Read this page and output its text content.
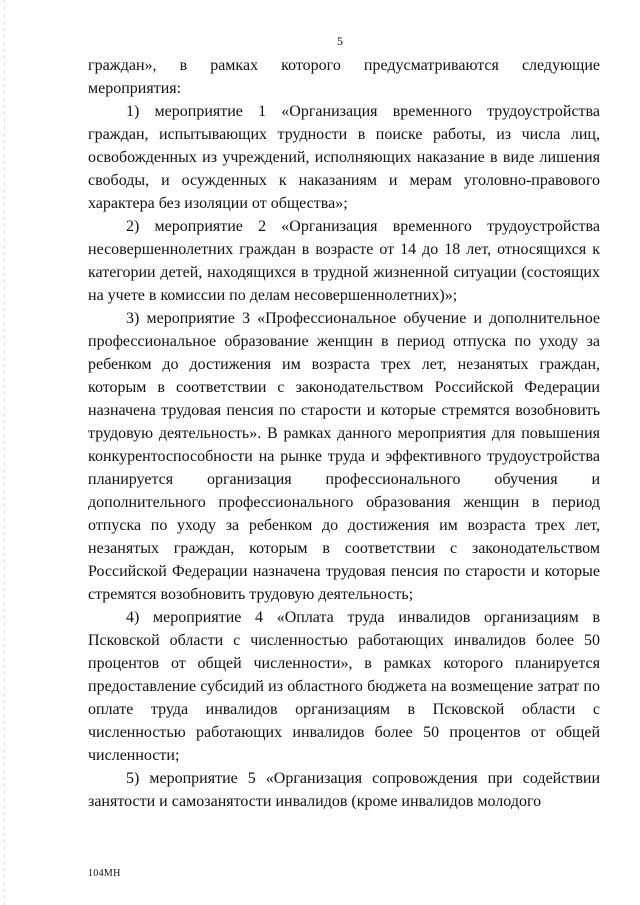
5

граждан», в рамках которого предусматриваются следующие мероприятия:

1) мероприятие 1 «Организация временного трудоустройства граждан, испытывающих трудности в поиске работы, из числа лиц, освобожденных из учреждений, исполняющих наказание в виде лишения свободы, и осужденных к наказаниям и мерам уголовно-правового характера без изоляции от общества»;

2) мероприятие 2 «Организация временного трудоустройства несовершеннолетних граждан в возрасте от 14 до 18 лет, относящихся к категории детей, находящихся в трудной жизненной ситуации (состоящих на учете в комиссии по делам несовершеннолетних)»;

3) мероприятие 3 «Профессиональное обучение и дополнительное профессиональное образование женщин в период отпуска по уходу за ребенком до достижения им возраста трех лет, незанятых граждан, которым в соответствии с законодательством Российской Федерации назначена трудовая пенсия по старости и которые стремятся возобновить трудовую деятельность». В рамках данного мероприятия для повышения конкурентоспособности на рынке труда и эффективного трудоустройства планируется организация профессионального обучения и дополнительного профессионального образования женщин в период отпуска по уходу за ребенком до достижения им возраста трех лет, незанятых граждан, которым в соответствии с законодательством Российской Федерации назначена трудовая пенсия по старости и которые стремятся возобновить трудовую деятельность;

4) мероприятие 4 «Оплата труда инвалидов организациям в Псковской области с численностью работающих инвалидов более 50 процентов от общей численности», в рамках которого планируется предоставление субсидий из областного бюджета на возмещение затрат по оплате труда инвалидов организациям в Псковской области с численностью работающих инвалидов более 50 процентов от общей численности;

5) мероприятие 5 «Организация сопровождения при содействии занятости и самозанятости инвалидов (кроме инвалидов молодого

104МН
